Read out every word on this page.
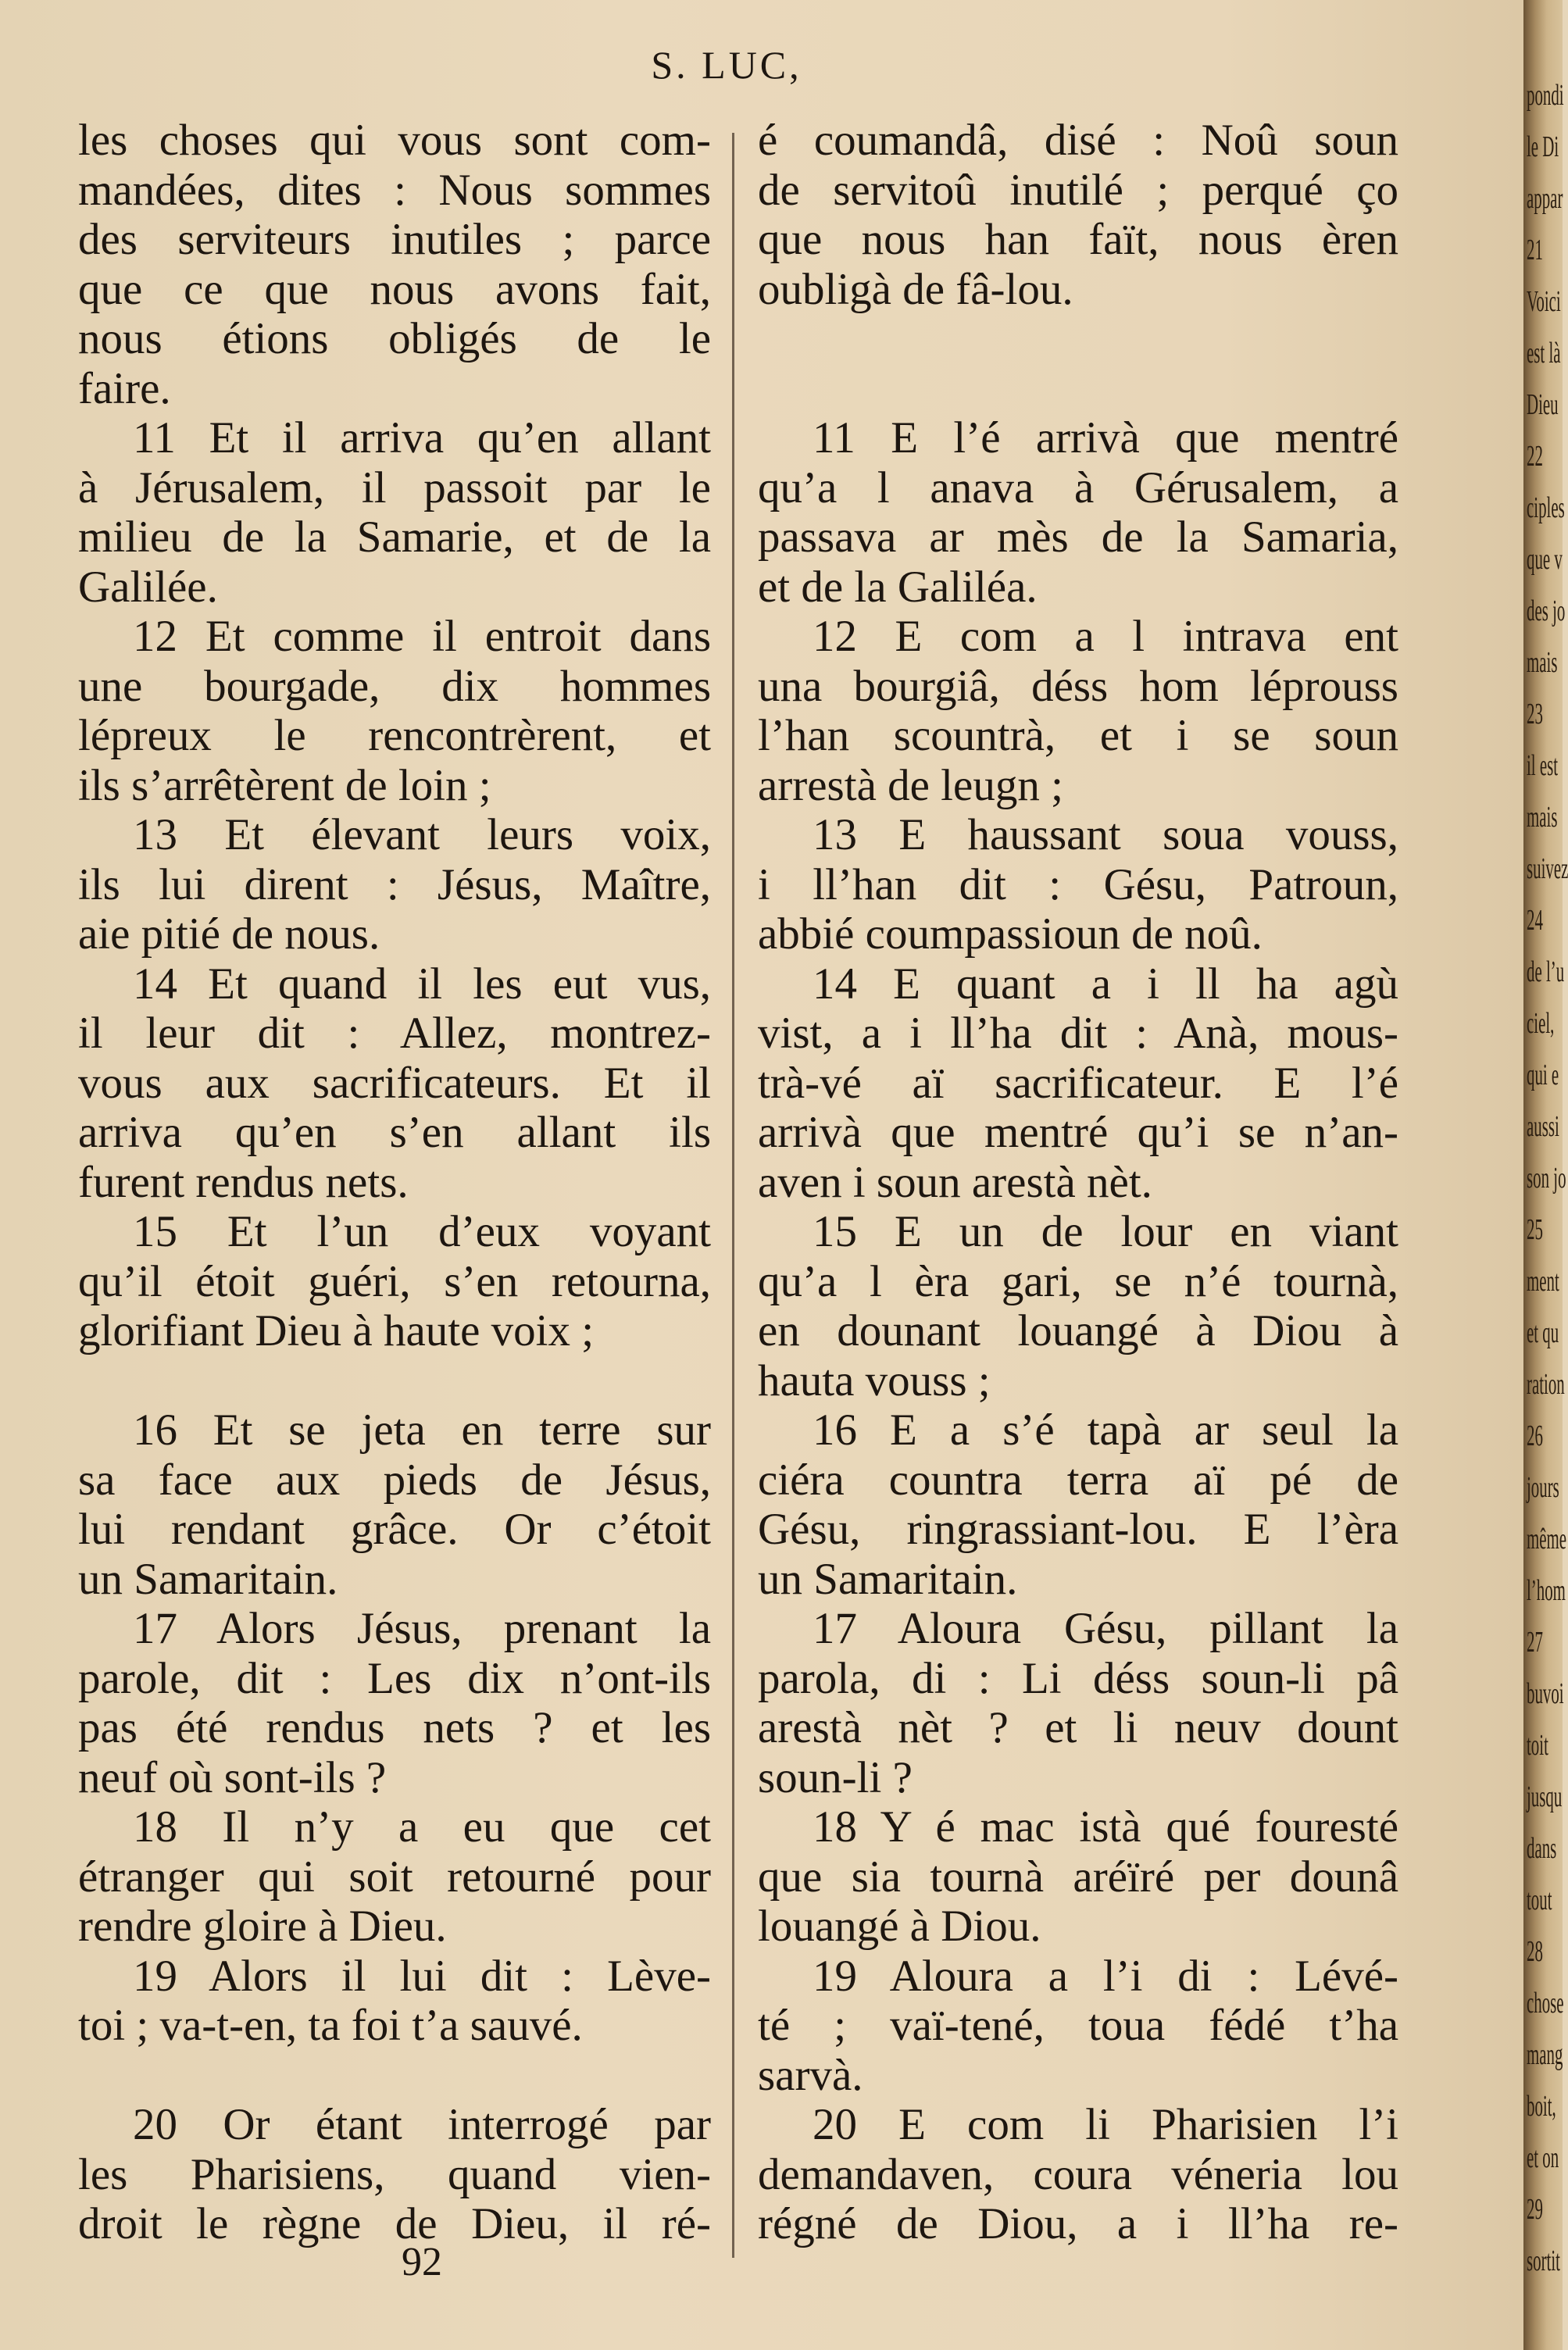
S. LUC,
les choses qui vous sont com-
mandées, dites : Nous sommes
des serviteurs inutiles ; parce
que ce que nous avons fait,
nous étions obligés de le
faire.
11 Et il arriva qu’en allant
à Jérusalem, il passoit par le
milieu de la Samarie, et de la
Galilée.
12 Et comme il entroit dans
une bourgade, dix hommes
lépreux le rencontrèrent, et
ils s’arrêtèrent de loin ;
13 Et élevant leurs voix,
ils lui dirent : Jésus, Maître,
aie pitié de nous.
14 Et quand il les eut vus,
il leur dit : Allez, montrez-
vous aux sacrificateurs. Et il
arriva qu’en s’en allant ils
furent rendus nets.
15 Et l’un d’eux voyant
qu’il étoit guéri, s’en retourna,
glorifiant Dieu à haute voix ;
16 Et se jeta en terre sur
sa face aux pieds de Jésus,
lui rendant grâce. Or c’étoit
un Samaritain.
17 Alors Jésus, prenant la
parole, dit : Les dix n’ont-ils
pas été rendus nets ? et les
neuf où sont-ils ?
18 Il n’y a eu que cet
étranger qui soit retourné pour
rendre gloire à Dieu.
19 Alors il lui dit : Lève-
toi ; va-t-en, ta foi t’a sauvé.
20 Or étant interrogé par
les Pharisiens, quand vien-
droit le règne de Dieu, il ré-
é coumandâ, disé : Noû soun
de servitoû inutilé ; perqué ço
que nous han faït, nous èren
oubligà de fâ-lou.
11 E l’é arrivà que mentré
qu’a l anava à Gérusalem, a
passava ar mès de la Samaria,
et de la Galiléa.
12 E com a l intrava ent
una bourgiâ, déss hom léprouss
l’han scountrà, et i se soun
arrestà de leugn ;
13 E haussant soua vouss,
i ll’han dit : Gésu, Patroun,
abbié coumpassioun de noû.
14 E quant a i ll ha agù
vist, a i ll’ha dit : Anà, mous-
trà-vé aï sacrificateur. E l’é
arrivà que mentré qu’i se n’an-
aven i soun arestà nèt.
15 E un de lour en viant
qu’a l èra gari, se n’é tournà,
en dounant louangé à Diou à
hauta vouss ;
16 E a s’é tapà ar seul la
ciéra countra terra aï pé de
Gésu, ringrassiant-lou. E l’èra
un Samaritain.
17 Aloura Gésu, pillant la
parola, di : Li déss soun-li pâ
arestà nèt ? et li neuv dount
soun-li ?
18 Y é mac istà qué fouresté
que sia tournà aréïré per dounâ
louangé à Diou.
19 Aloura a l’i di : Lévé-
té ; vaï-tené, toua fédé t’ha
sarvà.
20 E com li Pharisien l’i
demandaven, coura véneria lou
régné de Diou, a i ll’ha re-
92
pondi
le Di
appar
21
Voici
est là
Dieu
22
ciples
que v
des jo
mais
23
il est
mais
suivez
24
de l’u
ciel,
qui e
aussi
son jo
25
ment
et qu
ration
26
jours
même
l’hom
27
buvoi
toit
jusqu
dans
tout
28
chose
mang
boit,
et on
29
sortit
